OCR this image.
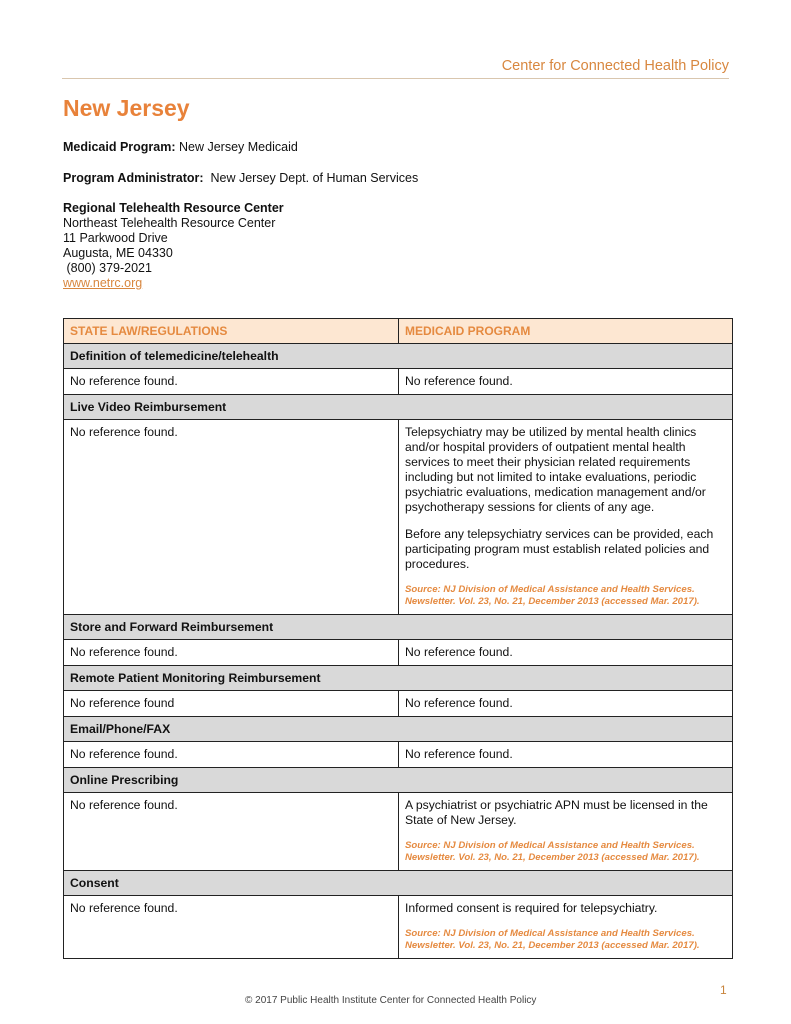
Center for Connected Health Policy
New Jersey
Medicaid Program: New Jersey Medicaid
Program Administrator:  New Jersey Dept. of Human Services
Regional Telehealth Resource Center
Northeast Telehealth Resource Center
11 Parkwood Drive
Augusta, ME 04330
(800) 379-2021
www.netrc.org
STATE LAW/REGULATIONS	MEDICAID PROGRAM
Definition of telemedicine/telehealth	
No reference found.	No reference found.

Live Video Reimbursement	
No reference found.	Telepsychiatry may be utilized by mental health clinics and/or hospital providers of outpatient mental health services to meet their physician related requirements including but not limited to intake evaluations, periodic psychiatric evaluations, medication management and/or psychotherapy sessions for clients of any age.
Before any telepsychiatry services can be provided, each participating program must establish related policies and procedures.
Source: NJ Division of Medical Assistance and Health Services. Newsletter. Vol. 23, No. 21, December 2013 (accessed Mar. 2017).

Store and Forward Reimbursement	
No reference found.	No reference found.

Remote Patient Monitoring Reimbursement	
No reference found	No reference found.

Email/Phone/FAX	
No reference found.	No reference found.

Online Prescribing	
No reference found.	A psychiatrist or psychiatric APN must be licensed in the State of New Jersey.
Source: NJ Division of Medical Assistance and Health Services. Newsletter. Vol. 23, No. 21, December 2013 (accessed Mar. 2017).

Consent	
No reference found.	Informed consent is required for telepsychiatry.
Source: NJ Division of Medical Assistance and Health Services. Newsletter. Vol. 23, No. 21, December 2013 (accessed Mar. 2017).
1
© 2017 Public Health Institute Center for Connected Health Policy
